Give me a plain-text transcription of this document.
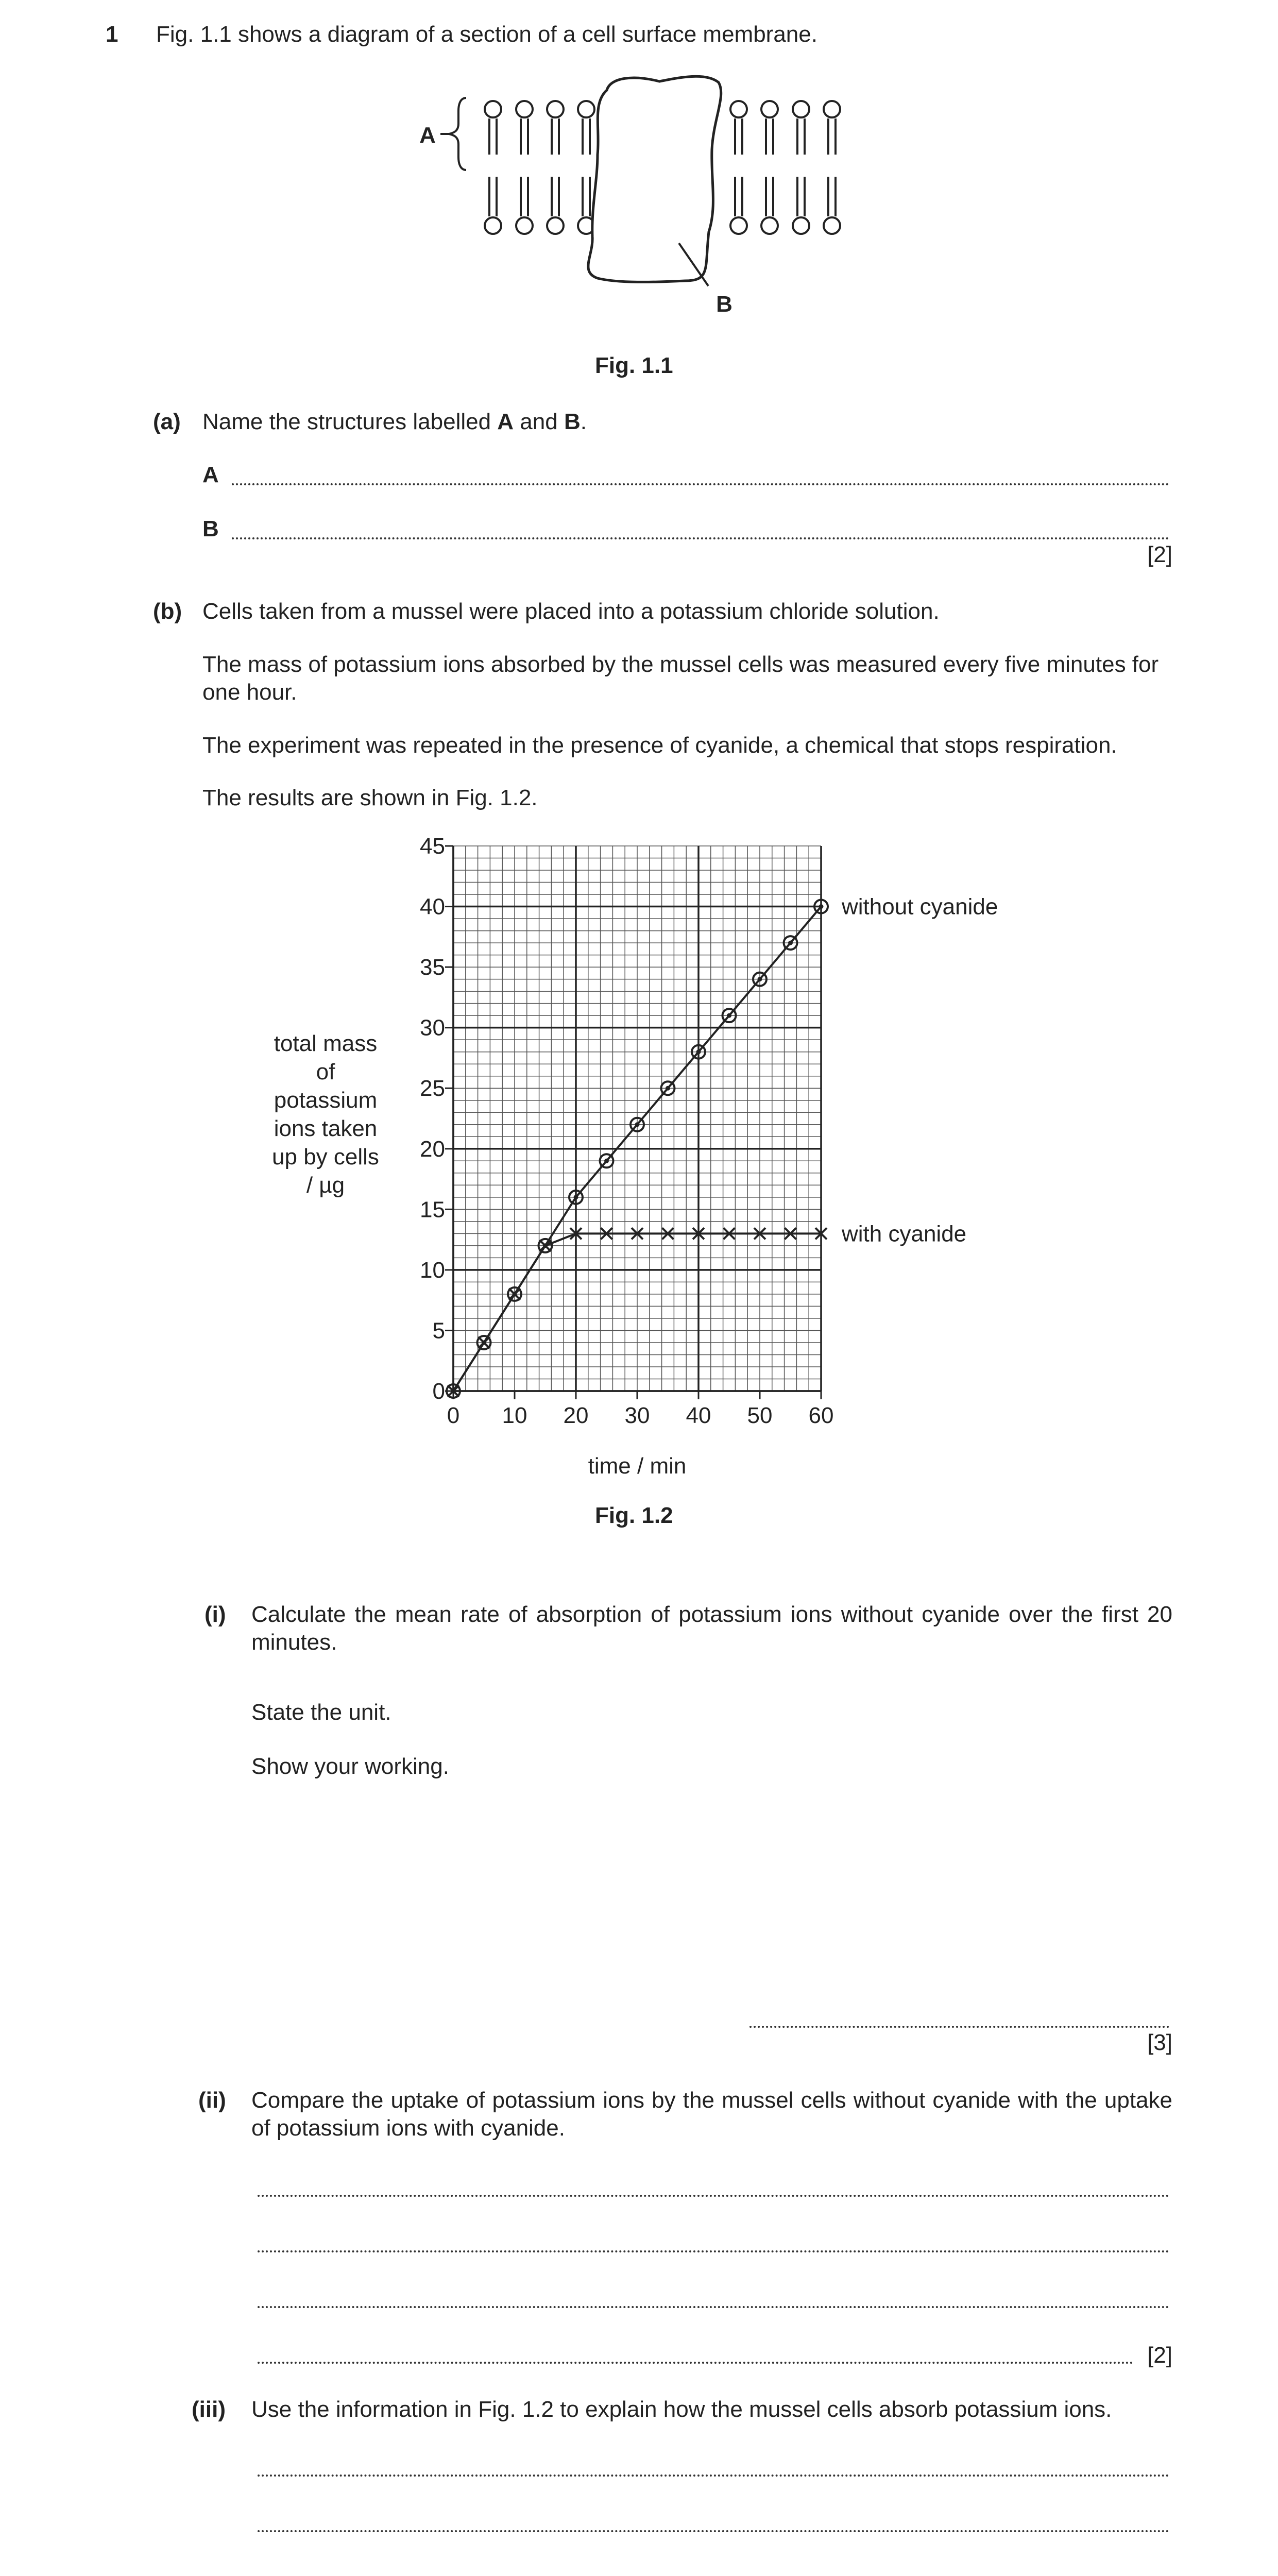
1 Fig. 1.1 shows a diagram of a section of a cell surface membrane.
A
B
Fig. 1.1
(a) Name the structures labelled A and B.
A
B
[2]
(b) Cells taken from a mussel were placed into a potassium chloride solution.
The mass of potassium ions absorbed by the mussel cells was measured every five minutes for one hour.
The experiment was repeated in the presence of cyanide, a chemical that stops respiration.
The results are shown in Fig. 1.2.
0 10 20 30 40 50 60
0
5
10
15
20
25
30
35
40
45
total mass
of
potassium
ions taken
up by cells
/ µg
time / min
without cyanide
with cyanide
Fig. 1.2
(i) Calculate the mean rate of absorption of potassium ions without cyanide over the first 20 minutes.
State the unit.
Show your working.
[3]
(ii) Compare the uptake of potassium ions by the mussel cells without cyanide with the uptake of potassium ions with cyanide.
[2]
(iii) Use the information in Fig. 1.2 to explain how the mussel cells absorb potassium ions.
